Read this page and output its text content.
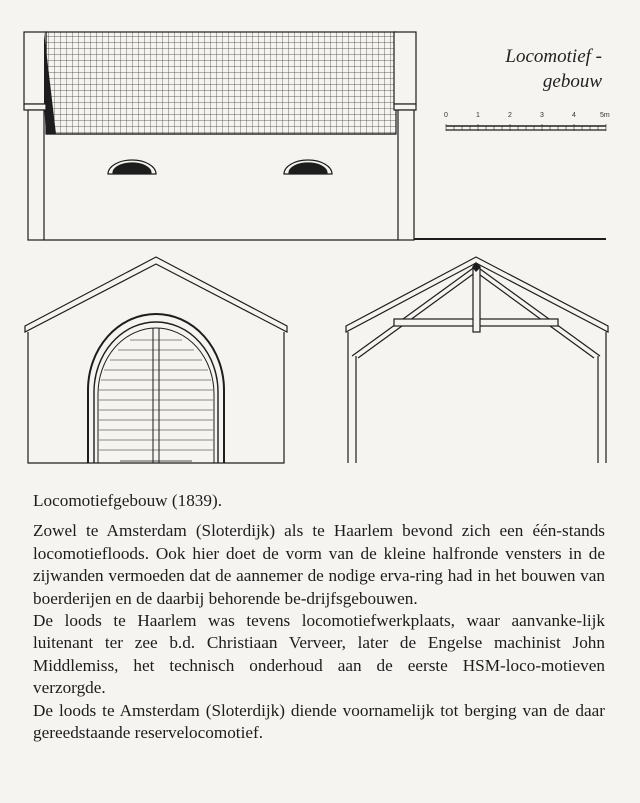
Locomotief -
gebouw
0	1	2	3	4	5m
Locomotiefgebouw (1839).

Zowel te Amsterdam (Sloterdijk) als te Haarlem bevond zich een één-stands locomotiefloods. Ook hier doet de vorm van de kleine halfronde vensters in de zijwanden vermoeden dat de aannemer de nodige erva-ring had in het bouwen van boerderijen en de daarbij behorende be-drijfsgebouwen.

De loods te Haarlem was tevens locomotiefwerkplaats, waar aanvanke-lijk luitenant ter zee b.d. Christiaan Verveer, later de Engelse machinist John Middlemiss, het technisch onderhoud aan de eerste HSM-loco-motieven verzorgde.

De loods te Amsterdam (Sloterdijk) diende voornamelijk tot berging van de daar gereedstaande reservelocomotief.
